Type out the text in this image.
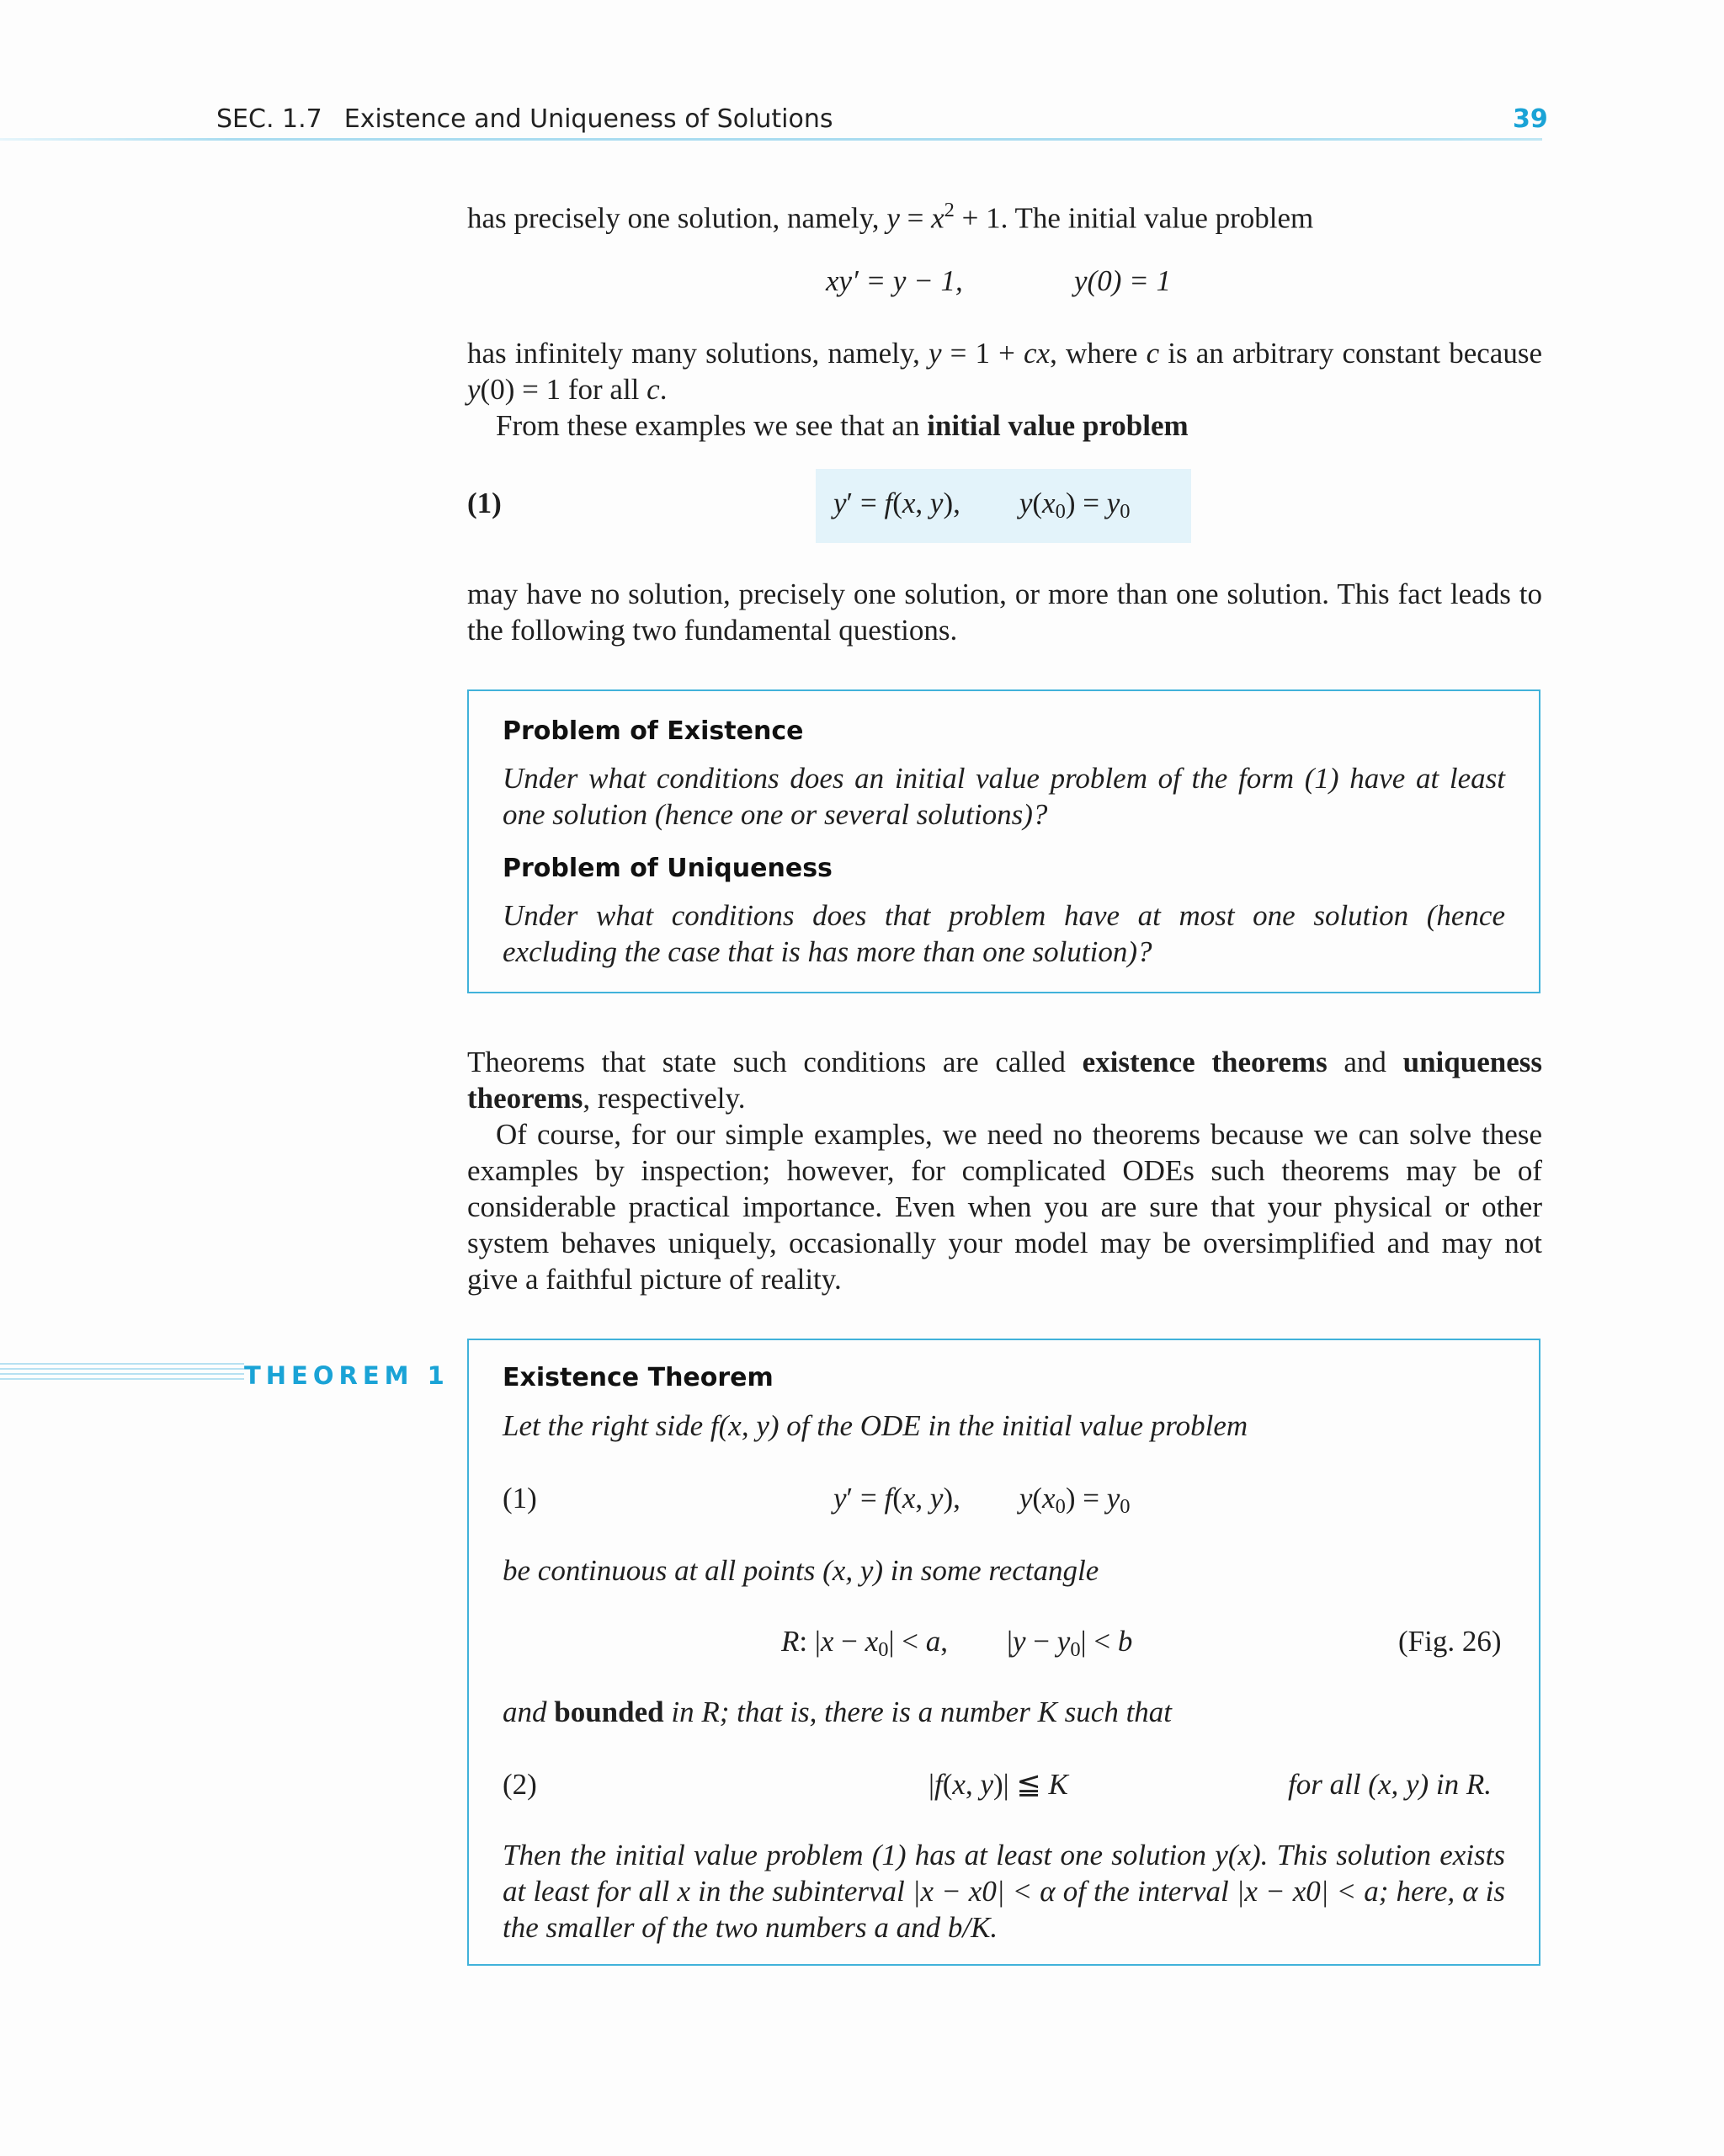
SEC. 1.7 Existence and Uniqueness of Solutions	39

has precisely one solution, namely, $y = x^2 + 1$. The initial value problem

xy′ = y − 1,	y(0) = 1

has infinitely many solutions, namely, y = 1 + cx, where c is an arbitrary constant because

y(0) = 1 for all c.

From these examples we see that an initial value problem

(1)	y′ = f(x, y), $y(x_0) = y_0$

may have no solution, precisely one solution, or more than one solution. This fact leads to the following two fundamental questions.

Problem of Existence
Under what conditions does an initial value problem of the form (1) have at least one solution (hence one or several solutions)?
Problem of Uniqueness
Under what conditions does that problem have at most one solution (hence excluding the case that is has more than one solution)?

Theorems that state such conditions are called existence theorems and uniqueness theorems, respectively.

Of course, for our simple examples, we need no theorems because we can solve these examples by inspection; however, for complicated ODEs such theorems may be of considerable practical importance. Even when you are sure that your physical or other system behaves uniquely, occasionally your model may be oversimplified and may not give a faithful picture of reality.

THEOREM 1 Existence Theorem
Let the right side f(x, y) of the ODE in the initial value problem
(1)	y′ = f(x, y), $y(x_0) = y_0$
be continuous at all points (x, y) in some rectangle
R: $|x - x_0| < a$, $|y - y_0| < b$	(Fig. 26)
and bounded in R; that is, there is a number K such that
(2)	|f(x, y)| ≦ K	for all (x, y) in R.
Then the initial value problem (1) has at least one solution y(x). This solution exists at least for all x in the subinterval |x − x0| < α of the interval |x − x0| < a; here, α is the smaller of the two numbers a and b/K.
